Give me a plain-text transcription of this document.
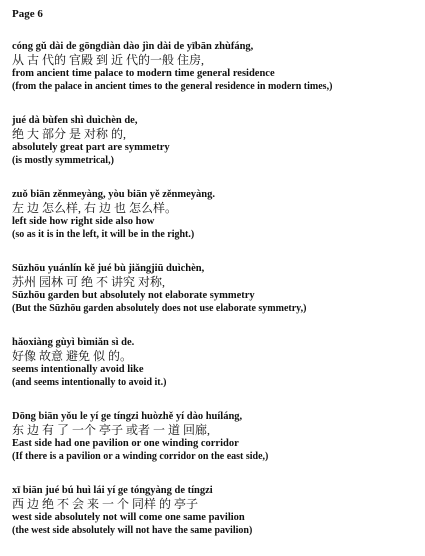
Page 6
cóng gǔ dài de gōngdiàn dào jìn dài de yībān zhùfáng,
从 古 代的 官殿 到 近 代的一般 住房,
from ancient time palace to modern time general residence
(from the palace in ancient times to the general residence in modern times,)
jué dà bùfen shì duìchèn de,
绝 大 部分 是 对称 的,
absolutely great part are symmetry
(is mostly symmetrical,)
zuǒ biān zěnmeyàng, yòu biān yě zěnmeyàng.
左 边 怎么样, 右 边 也 怎么样。
left side how right side also how
(so as it is in the left, it will be in the right.)
Sūzhōu yuánlín kě jué bù jiǎngjiū duìchèn,
苏州 园林 可 绝 不 讲究 对称,
Sūzhōu garden but absolutely not elaborate symmetry
(But the Sūzhōu garden absolutely does not use elaborate symmetry,)
hǎoxiàng gùyì bìmiǎn sì de.
好像 故意 避免 似 的。
seems intentionally avoid like
(and seems intentionally to avoid it.)
Dōng biān yǒu le yí ge tíngzi huòzhě yí dào huíláng,
东 边 有 了 一个 亭子 或者 一 道 回廊,
East side had one pavilion or one winding corridor
(If there is a pavilion or a winding corridor on the east side,)
xī biān jué bú huì lái yí ge tóngyàng de tíngzi
西 边 绝 不 会 来 一 个 同样 的 亭子
west side absolutely not will come one same pavilion
(the west side absolutely will not have the same pavilion)
